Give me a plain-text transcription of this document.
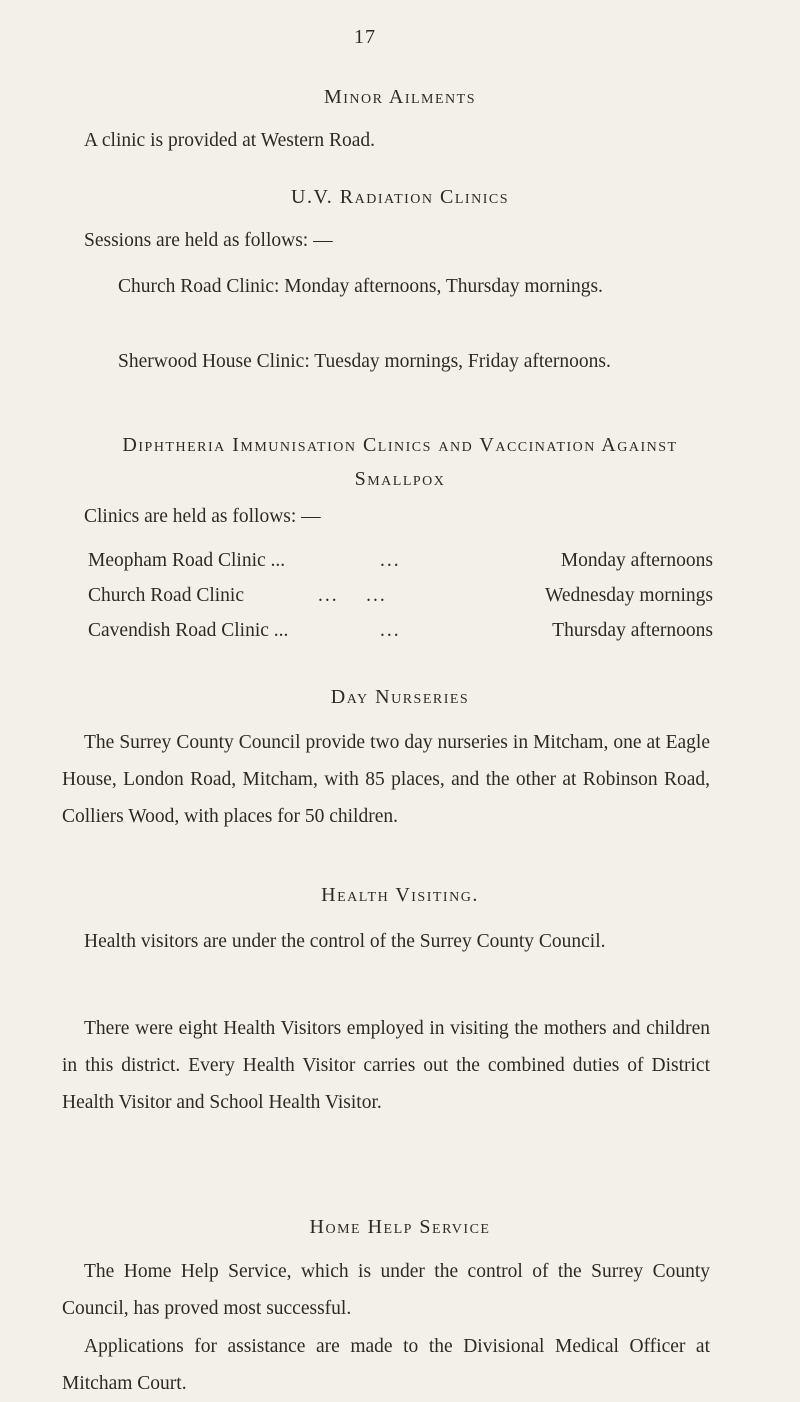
17
Minor Ailments
A clinic is provided at Western Road.
U.V. Radiation Clinics
Sessions are held as follows: —
Church Road Clinic: Monday afternoons, Thursday mornings.
Sherwood House Clinic: Tuesday mornings, Friday afternoons.
Diphtheria Immunisation Clinics and Vaccination Against
Smallpox
Clinics are held as follows: —
Meopham Road Clinic ...	...	Monday afternoons
Church Road Clinic	...    ...	Wednesday mornings
Cavendish Road Clinic ...	...	Thursday afternoons
Day Nurseries
The Surrey County Council provide two day nurseries in Mitcham, one at Eagle House, London Road, Mitcham, with 85 places, and the other at Robinson Road, Colliers Wood, with places for 50 children.
Health Visiting.
Health visitors are under the control of the Surrey County Council.
There were eight Health Visitors employed in visiting the mothers and children in this district. Every Health Visitor carries out the combined duties of District Health Visitor and School Health Visitor.
Home Help Service
The Home Help Service, which is under the control of the Surrey County Council, has proved most successful.
Applications for assistance are made to the Divisional Medical Officer at Mitcham Court.
